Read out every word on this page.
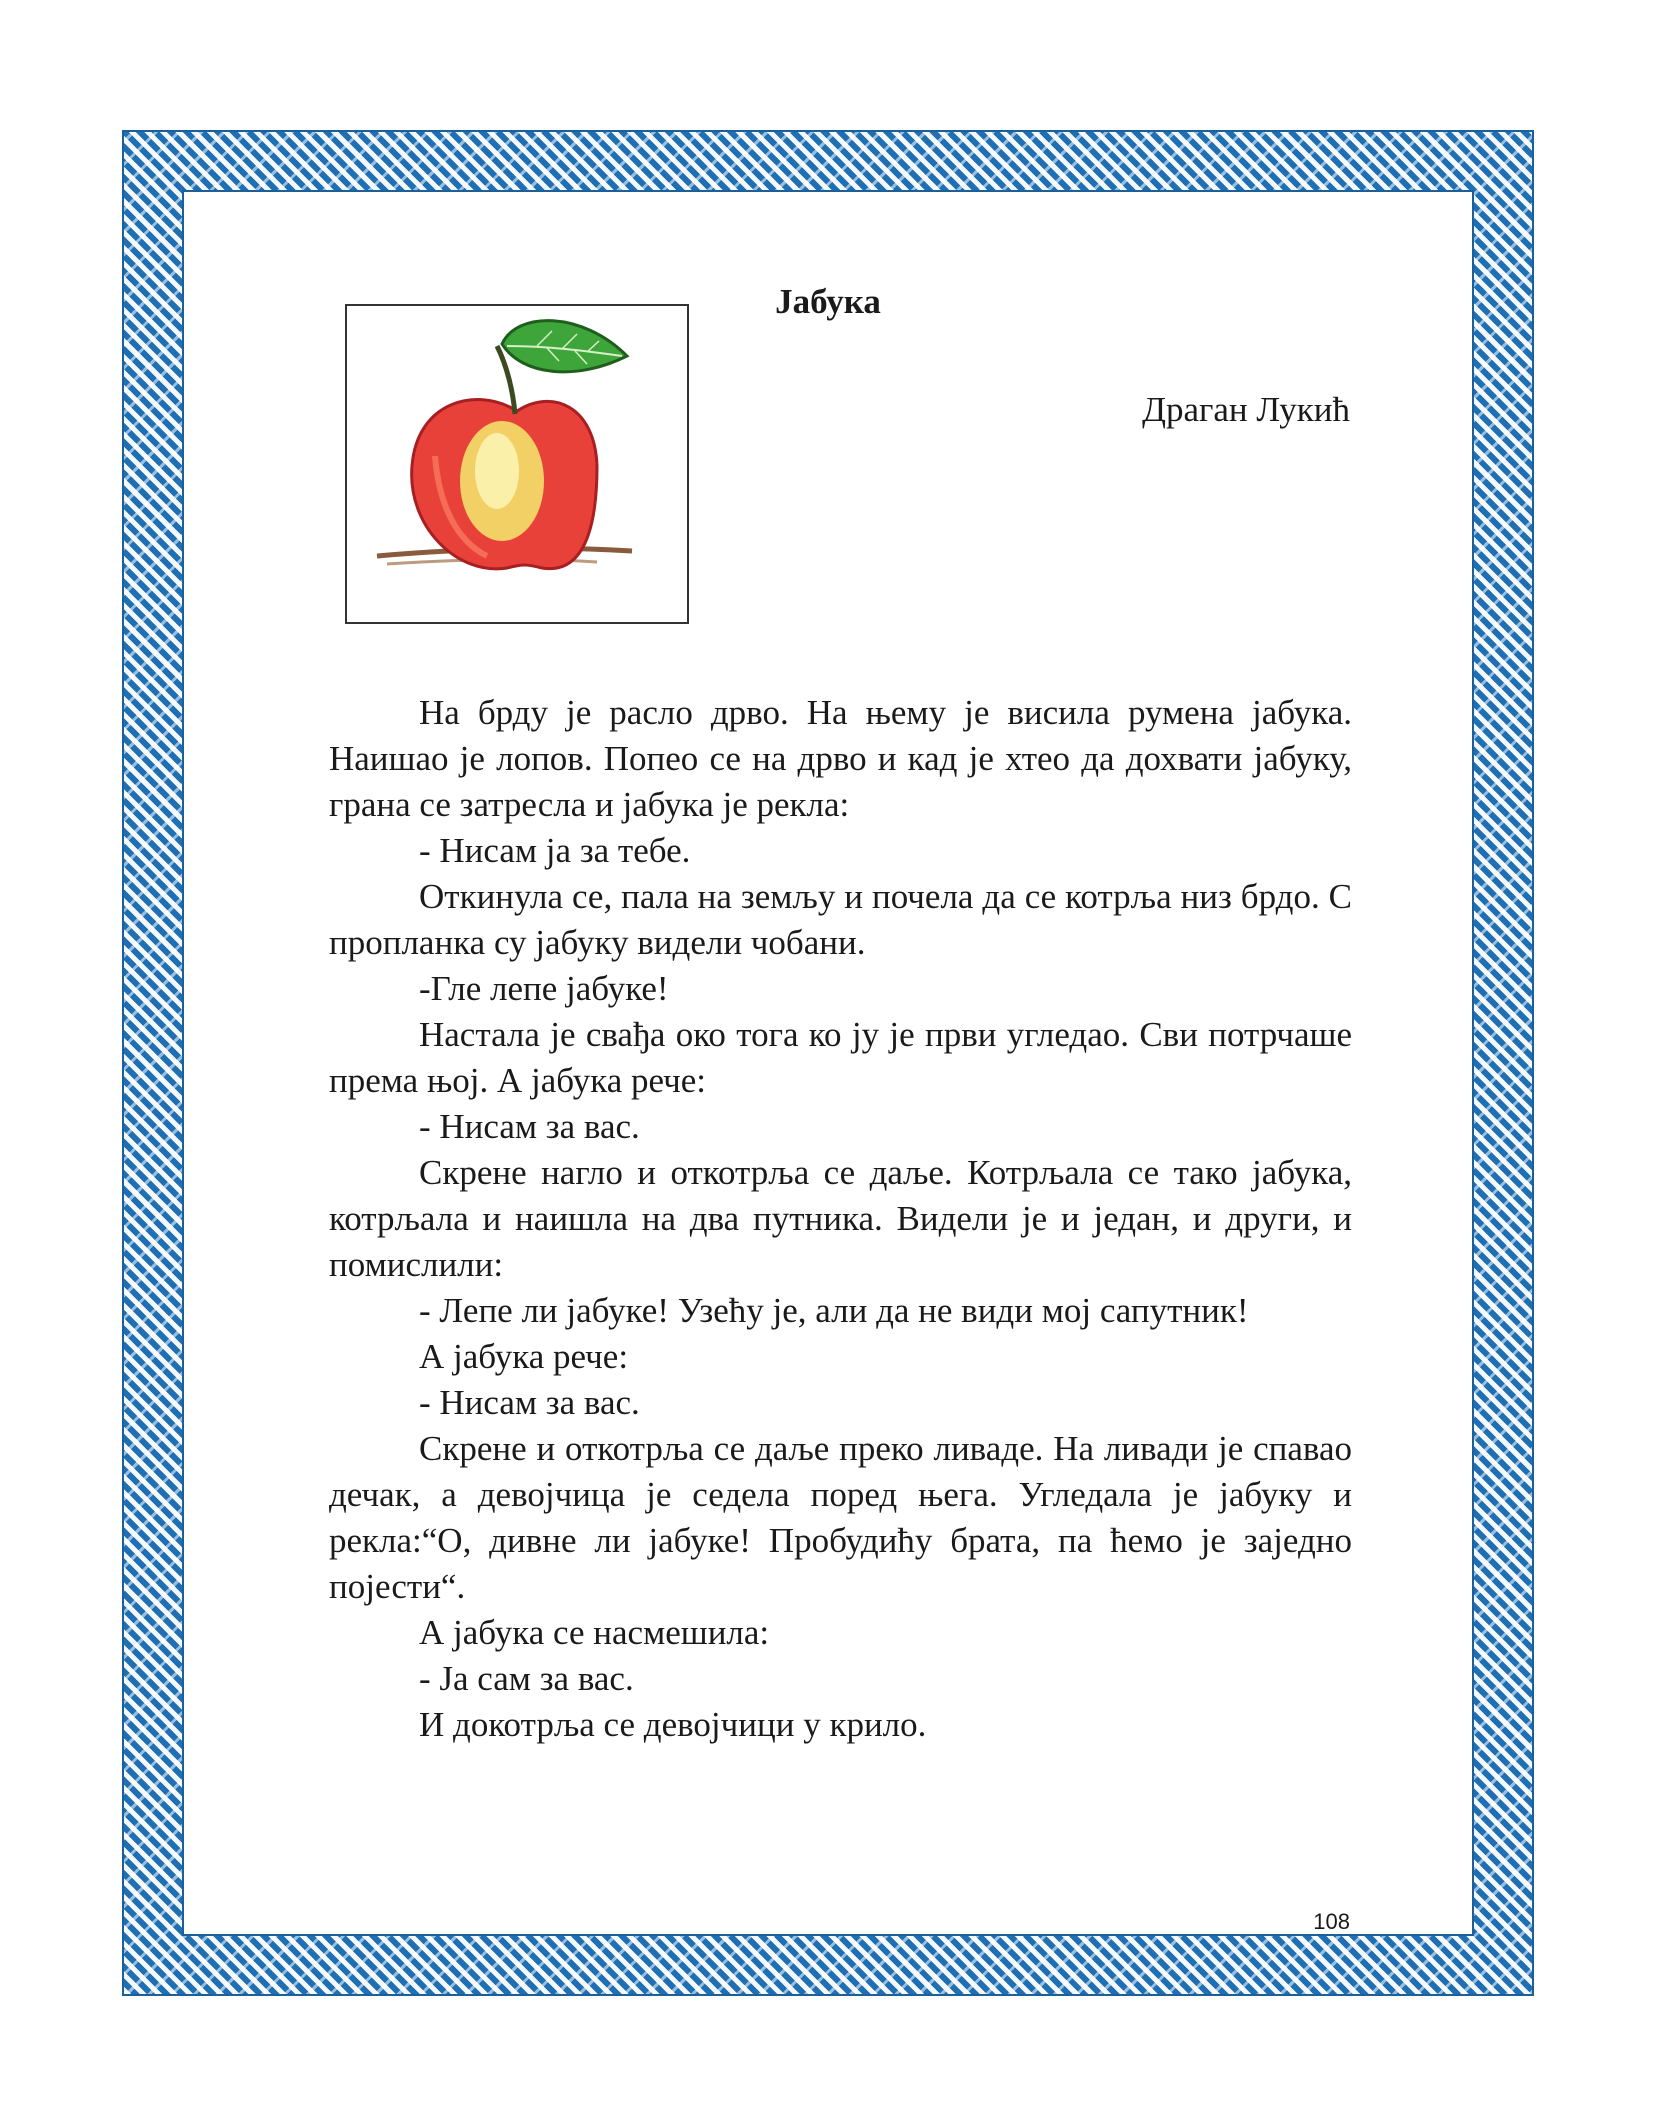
Јабука
Драган Лукић

На брду је расло дрво. На њему је висила румена јабука. Наишао је лопов. Попео се на дрво и кад је хтео да дохвати јабуку, грана се затресла и јабука је рекла:

- Нисам ја за тебе.

Откинула се, пала на земљу и почела да се котрља низ брдо. С пропланка су јабуку видели чобани.

-Гле лепе јабуке!

Настала је свађа око тога ко ју је први угледао. Сви потрчаше према њој. А јабука рече:

- Нисам за вас.

Скрене нагло и откотрља се даље. Котрљала се тако јабука, котрљала и наишла на два путника. Видели је и један, и други, и помислили:

- Лепе ли јабуке! Узећу је, али да не види мој сапутник!

А јабука рече:

- Нисам за вас.

Скрене и откотрља се даље преко ливаде. На ливади је спавао дечак, а девојчица је седела поред њега. Угледала је јабуку и рекла:“О, дивне ли јабуке! Пробудићу брата, па ћемо је заједно појести“.

А јабука се насмешила:

- Ја сам за вас.

И докотрља се девојчици у крило.

108
